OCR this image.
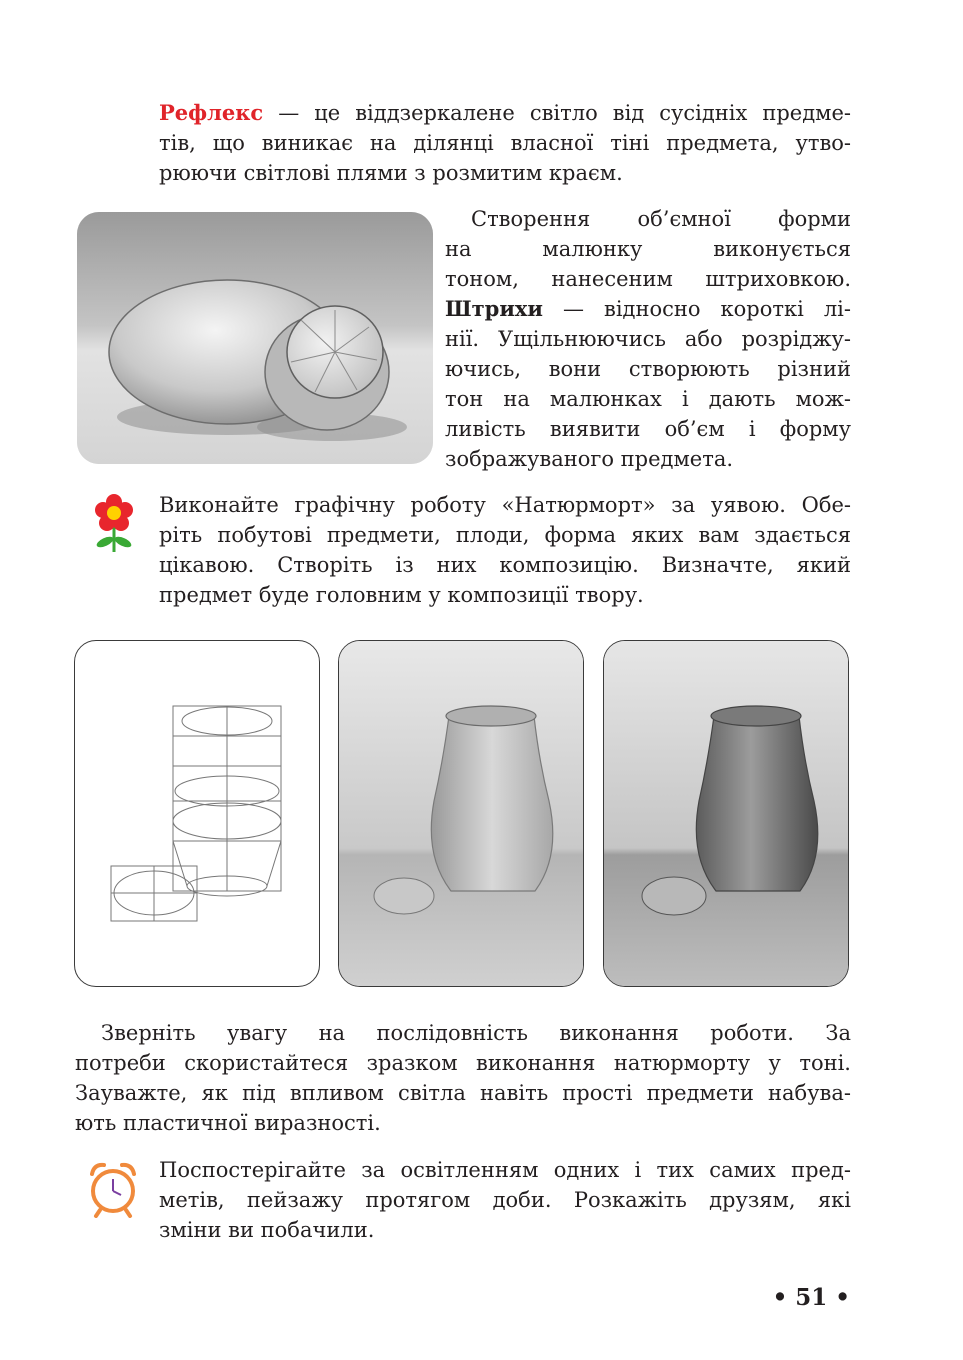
Рефлекс — це віддзеркалене світло від сусідніх предме-
тів, що виникає на ділянці власної тіні предмета, утво-
рюючи світлові плями з розмитим краєм.
Створення об’ємної форми
на малюнку виконується
тоном, нанесеним штриховкою.
Штрихи — відносно короткі лі-
нії. Ущільнюючись або розріджу-
ючись, вони створюють різний
тон на малюнках і дають мож-
ливість виявити об’єм і форму
зображуваного предмета.
Виконайте графічну роботу «Натюрморт» за уявою. Обе-
ріть побутові предмети, плоди, форма яких вам здається
цікавою. Створіть із них композицію. Визначте, який
предмет буде головним у композиції твору.
Зверніть увагу на послідовність виконання роботи. За
потреби скористайтеся зразком виконання натюрморту у тоні.
Зауважте, як під впливом світла навіть прості предмети набува-
ють пластичної виразності.
Поспостерігайте за освітленням одних і тих самих пред-
метів, пейзажу протягом доби. Розкажіть друзям, які
зміни ви побачили.
• 51 •
